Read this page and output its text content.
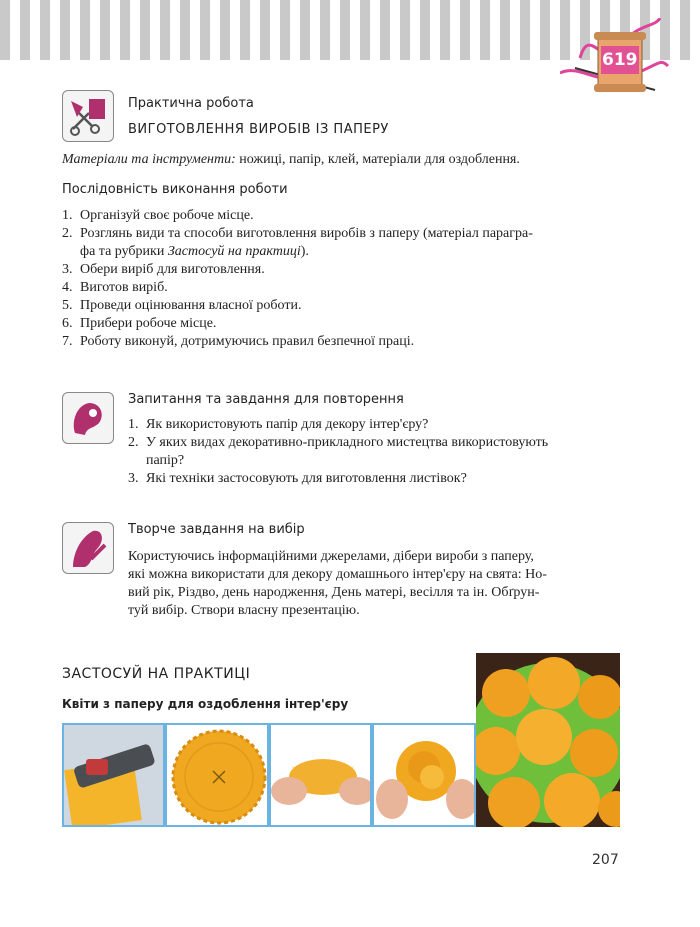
619
Практична робота
ВИГОТОВЛЕННЯ ВИРОБІВ ІЗ ПАПЕРУ
Матеріали та інструменти: ножиці, папір, клей, матеріали для оздоблення.
Послідовність виконання роботи
1. Організуй своє робоче місце.
2. Розглянь види та способи виготовлення виробів з паперу (матеріал парагра-
фа та рубрики Застосуй на практиці).
3. Обери виріб для виготовлення.
4. Виготов виріб.
5. Проведи оцінювання власної роботи.
6. Прибери робоче місце.
7. Роботу виконуй, дотримуючись правил безпечної праці.
Запитання та завдання для повторення
1. Як використовують папір для декору інтер'єру?
2. У яких видах декоративно-прикладного мистецтва використовують
папір?
3. Які техніки застосовують для виготовлення листівок?
Творче завдання на вибір
Користуючись інформаційними джерелами, дібери вироби з паперу,
які можна використати для декору домашнього інтер'єру на свята: Но-
вий рік, Різдво, день народження, День матері, весілля та ін. Обґрун-
туй вибір. Створи власну презентацію.
ЗАСТОСУЙ НА ПРАКТИЦІ
Квіти з паперу для оздоблення інтер'єру
207
